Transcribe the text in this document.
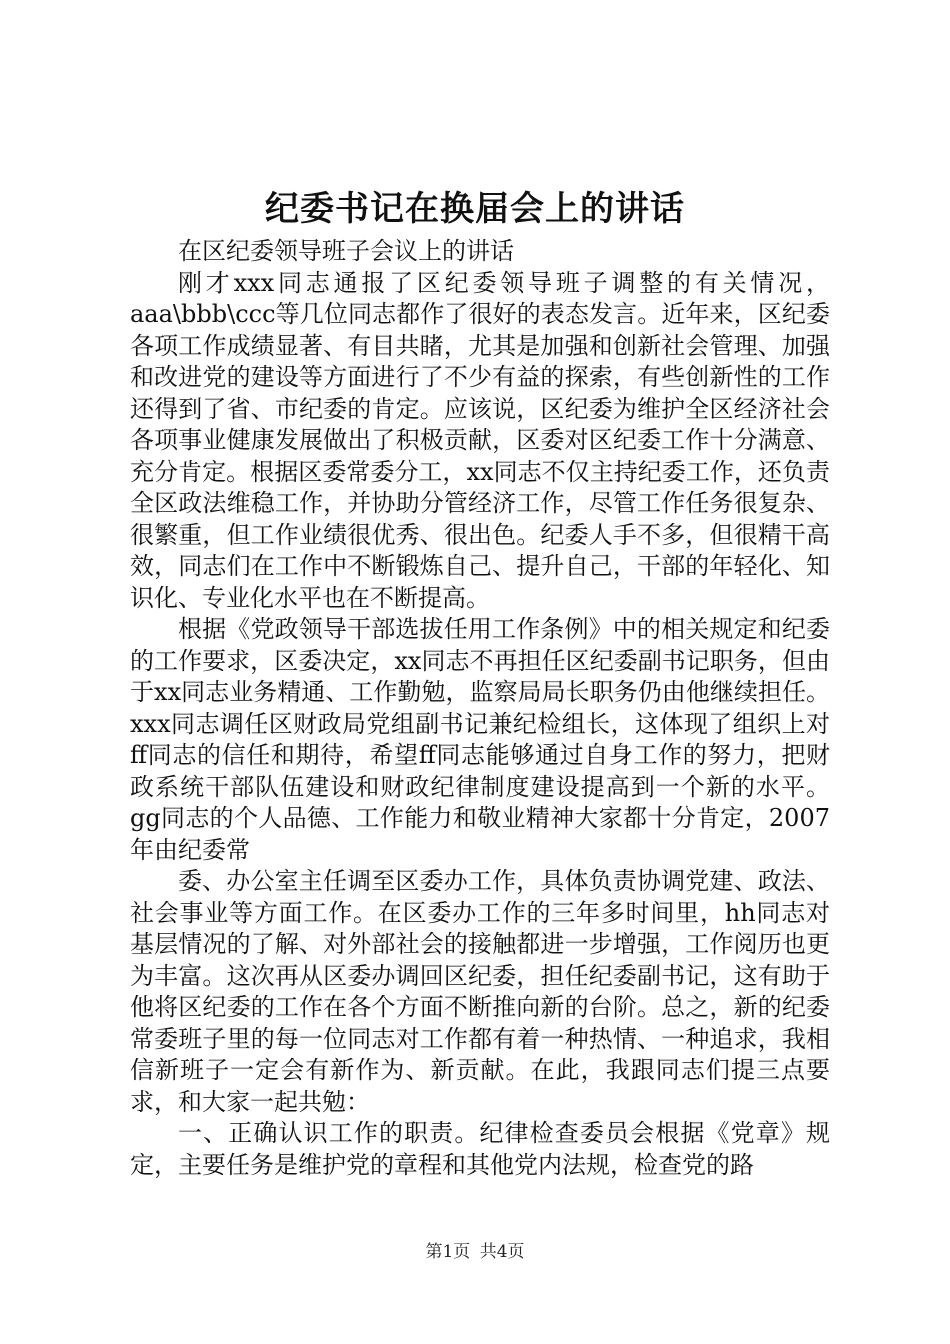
纪委书记在换届会上的讲话

在区纪委领导班子会议上的讲话

刚才xxx同志通报了区纪委领导班子调整的有关情况，aaa\bbb\ccc等几位同志都作了很好的表态发言。近年来，区纪委各项工作成绩显著、有目共睹，尤其是加强和创新社会管理、加强和改进党的建设等方面进行了不少有益的探索，有些创新性的工作还得到了省、市纪委的肯定。应该说，区纪委为维护全区经济社会各项事业健康发展做出了积极贡献，区委对区纪委工作十分满意、充分肯定。根据区委常委分工，xx同志不仅主持纪委工作，还负责全区政法维稳工作，并协助分管经济工作，尽管工作任务很复杂、很繁重，但工作业绩很优秀、很出色。纪委人手不多，但很精干高效，同志们在工作中不断锻炼自己、提升自己，干部的年轻化、知识化、专业化水平也在不断提高。

根据《党政领导干部选拔任用工作条例》中的相关规定和纪委的工作要求，区委决定，xx同志不再担任区纪委副书记职务，但由于xx同志业务精通、工作勤勉，监察局局长职务仍由他继续担任。xxx同志调任区财政局党组副书记兼纪检组长，这体现了组织上对ff同志的信任和期待，希望ff同志能够通过自身工作的努力，把财政系统干部队伍建设和财政纪律制度建设提高到一个新的水平。gg同志的个人品德、工作能力和敬业精神大家都十分肯定，2007年由纪委常

委、办公室主任调至区委办工作，具体负责协调党建、政法、社会事业等方面工作。在区委办工作的三年多时间里，hh同志对基层情况的了解、对外部社会的接触都进一步增强，工作阅历也更为丰富。这次再从区委办调回区纪委，担任纪委副书记，这有助于他将区纪委的工作在各个方面不断推向新的台阶。总之，新的纪委常委班子里的每一位同志对工作都有着一种热情、一种追求，我相信新班子一定会有新作为、新贡献。在此，我跟同志们提三点要求，和大家一起共勉：

一、正确认识工作的职责。纪律检查委员会根据《党章》规定，主要任务是维护党的章程和其他党内法规，检查党的路

第1页 共4页
